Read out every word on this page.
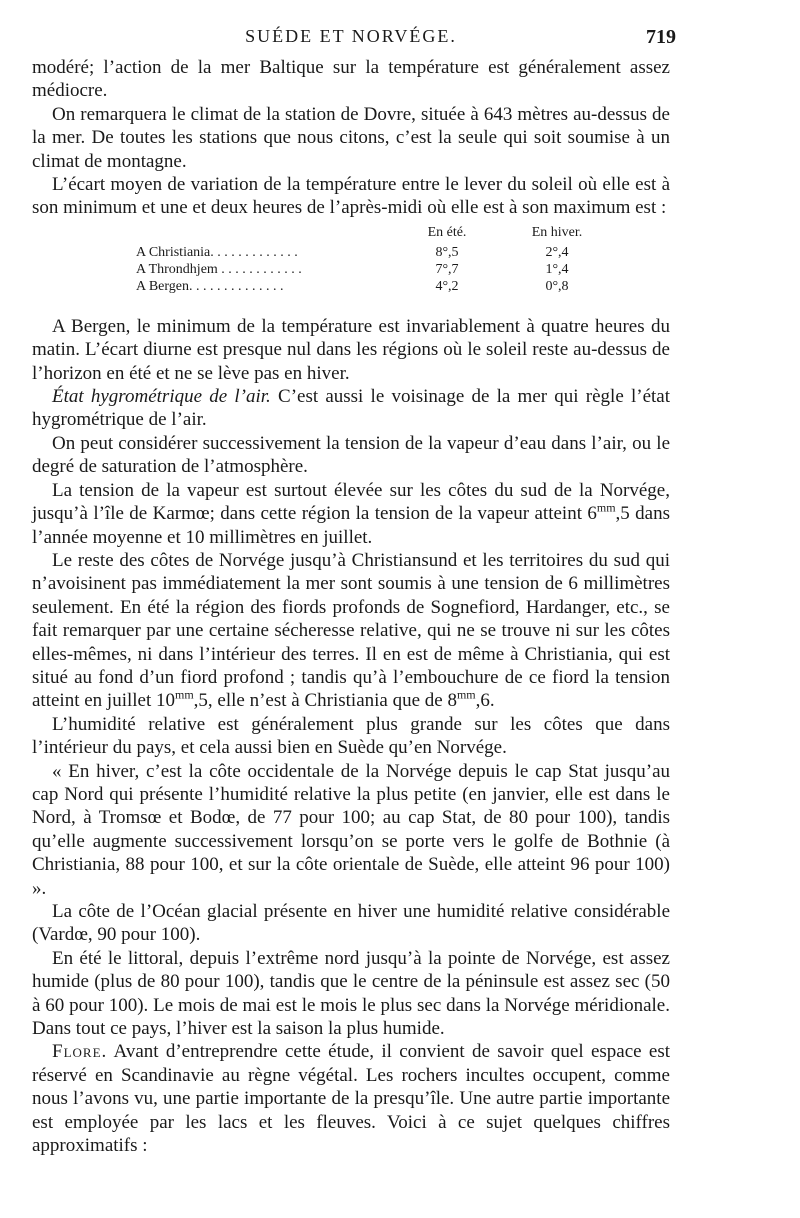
SUÉDE ET NORVÉGE.	719

modéré; l’action de la mer Baltique sur la température est généralement assez médiocre.

On remarquera le climat de la station de Dovre, située à 643 mètres au-dessus de la mer. De toutes les stations que nous citons, c’est la seule qui soit soumise à un climat de montagne.

L’écart moyen de variation de la température entre le lever du soleil où elle est à son minimum et une et deux heures de l’après-midi où elle est à son maximum est :

	En été.	En hiver.
A Christiania. . . . . . . . . . . . .	8°,5	2°,4
A Throndhjem . . . . . . . . . . . .	7°,7	1°,4
A Bergen. . . . . . . . . . . . . .	4°,2	0°,8

A Bergen, le minimum de la température est invariablement à quatre heures du matin. L’écart diurne est presque nul dans les régions où le soleil reste au-dessus de l’horizon en été et ne se lève pas en hiver.

État hygrométrique de l’air. C’est aussi le voisinage de la mer qui règle l’état hygrométrique de l’air.

On peut considérer successivement la tension de la vapeur d’eau dans l’air, ou le degré de saturation de l’atmosphère.

La tension de la vapeur est surtout élevée sur les côtes du sud de la Norvége, jusqu’à l’île de Karmœ; dans cette région la tension de la vapeur atteint $6^{mm},5$ dans l’année moyenne et 10 millimètres en juillet.

Le reste des côtes de Norvége jusqu’à Christiansund et les territoires du sud qui n’avoisinent pas immédiatement la mer sont soumis à une tension de 6 millimètres seulement. En été la région des fiords profonds de Sognefiord, Hardanger, etc., se fait remarquer par une certaine sécheresse relative, qui ne se trouve ni sur les côtes elles-mêmes, ni dans l’intérieur des terres. Il en est de même à Christiania, qui est situé au fond d’un fiord profond ; tandis qu’à l’embouchure de ce fiord la tension atteint en juillet $10^{mm},5$, elle n’est à Christiania que de $8^{mm},6$.

L’humidité relative est généralement plus grande sur les côtes que dans l’intérieur du pays, et cela aussi bien en Suède qu’en Norvége.

« En hiver, c’est la côte occidentale de la Norvége depuis le cap Stat jusqu’au cap Nord qui présente l’humidité relative la plus petite (en janvier, elle est dans le Nord, à Tromsœ et Bodœ, de 77 pour 100; au cap Stat, de 80 pour 100), tandis qu’elle augmente successivement lorsqu’on se porte vers le golfe de Bothnie (à Christiania, 88 pour 100, et sur la côte orientale de Suède, elle atteint 96 pour 100) ».

La côte de l’Océan glacial présente en hiver une humidité relative considérable (Vardœ, 90 pour 100).

En été le littoral, depuis l’extrême nord jusqu’à la pointe de Norvége, est assez humide (plus de 80 pour 100), tandis que le centre de la péninsule est assez sec (50 à 60 pour 100). Le mois de mai est le mois le plus sec dans la Norvége méridionale. Dans tout ce pays, l’hiver est la saison la plus humide.

Flore. Avant d’entreprendre cette étude, il convient de savoir quel espace est réservé en Scandinavie au règne végétal. Les rochers incultes occupent, comme nous l’avons vu, une partie importante de la presqu’île. Une autre partie importante est employée par les lacs et les fleuves. Voici à ce sujet quelques chiffres approximatifs :
